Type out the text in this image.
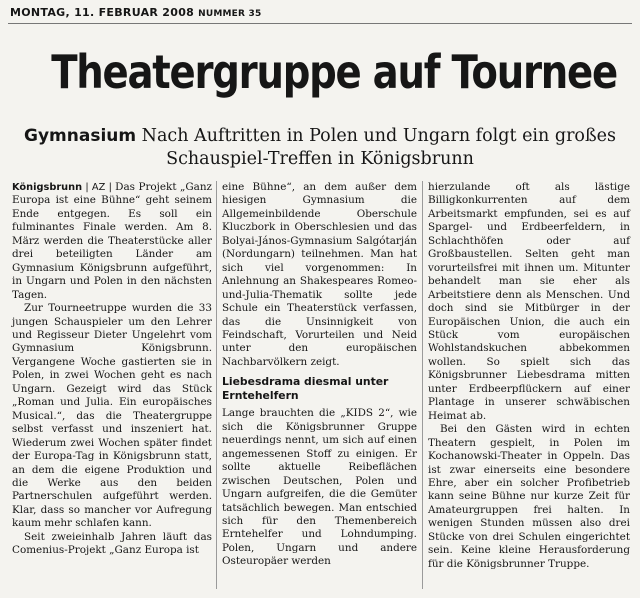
MONTAG, 11. FEBRUAR 2008 NUMMER 35
Theatergruppe auf Tournee
Gymnasium Nach Auftritten in Polen und Ungarn folgt ein großes
Schauspiel-Treffen in Königsbrunn

Königsbrunn | AZ | Das Projekt „Ganz Europa ist eine Bühne“ geht seinem Ende entgegen. Es soll ein fulminantes Finale werden. Am 8. März werden die Theaterstücke aller drei beteiligten Länder am Gymnasium Königsbrunn aufgeführt, in Ungarn und Polen in den nächsten Tagen.

Zur Tourneetruppe wurden die 33 jungen Schauspieler um den Lehrer und Regisseur Dieter Ungelehrt vom Gymnasium Königsbrunn. Vergangene Woche gastierten sie in Polen, in zwei Wochen geht es nach Ungarn. Gezeigt wird das Stück „Roman und Julia. Ein europäisches Musical.“, das die Theatergruppe selbst verfasst und inszeniert hat. Wiederum zwei Wochen später findet der Europa-Tag in Königsbrunn statt, an dem die eigene Produktion und die Werke aus den beiden Partnerschulen aufgeführt werden. Klar, dass so mancher vor Aufregung kaum mehr schlafen kann.

Seit zweieinhalb Jahren läuft das Comenius-Projekt „Ganz Europa ist

eine Bühne“, an dem außer dem hiesigen Gymnasium die Allgemeinbildende Oberschule Kluczbork in Oberschlesien und das Bolyai-János-Gymnasium Salgótarján (Nordungarn) teilnehmen. Man hat sich viel vorgenommen: In Anlehnung an Shakespeares Romeo-und-Julia-Thematik sollte jede Schule ein Theaterstück verfassen, das die Unsinnigkeit von Feindschaft, Vorurteilen und Neid unter den europäischen Nachbarvölkern zeigt.

Liebesdrama diesmal unter Erntehelfern

Lange brauchten die „KIDS 2“, wie sich die Königsbrunner Gruppe neuerdings nennt, um sich auf einen angemessenen Stoff zu einigen. Er sollte aktuelle Reibeflächen zwischen Deutschen, Polen und Ungarn aufgreifen, die die Gemüter tatsächlich bewegen. Man entschied sich für den Themenbereich Erntehelfer und Lohndumping. Polen, Ungarn und andere Osteuropäer werden

hierzulande oft als lästige Billigkonkurrenten auf dem Arbeitsmarkt empfunden, sei es auf Spargel- und Erdbeerfeldern, in Schlachthöfen oder auf Großbaustellen. Selten geht man vorurteilsfrei mit ihnen um. Mitunter behandelt man sie eher als Arbeitstiere denn als Menschen. Und doch sind sie Mitbürger in der Europäischen Union, die auch ein Stück vom europäischen Wohlstandskuchen abbekommen wollen. So spielt sich das Königsbrunner Liebesdrama mitten unter Erdbeerpflückern auf einer Plantage in unserer schwäbischen Heimat ab.

Bei den Gästen wird in echten Theatern gespielt, in Polen im Kochanowski-Theater in Oppeln. Das ist zwar einerseits eine besondere Ehre, aber ein solcher Profibetrieb kann seine Bühne nur kurze Zeit für Amateurgruppen frei halten. In wenigen Stunden müssen also drei Stücke von drei Schulen eingerichtet sein. Keine kleine Herausforderung für die Königsbrunner Truppe.
